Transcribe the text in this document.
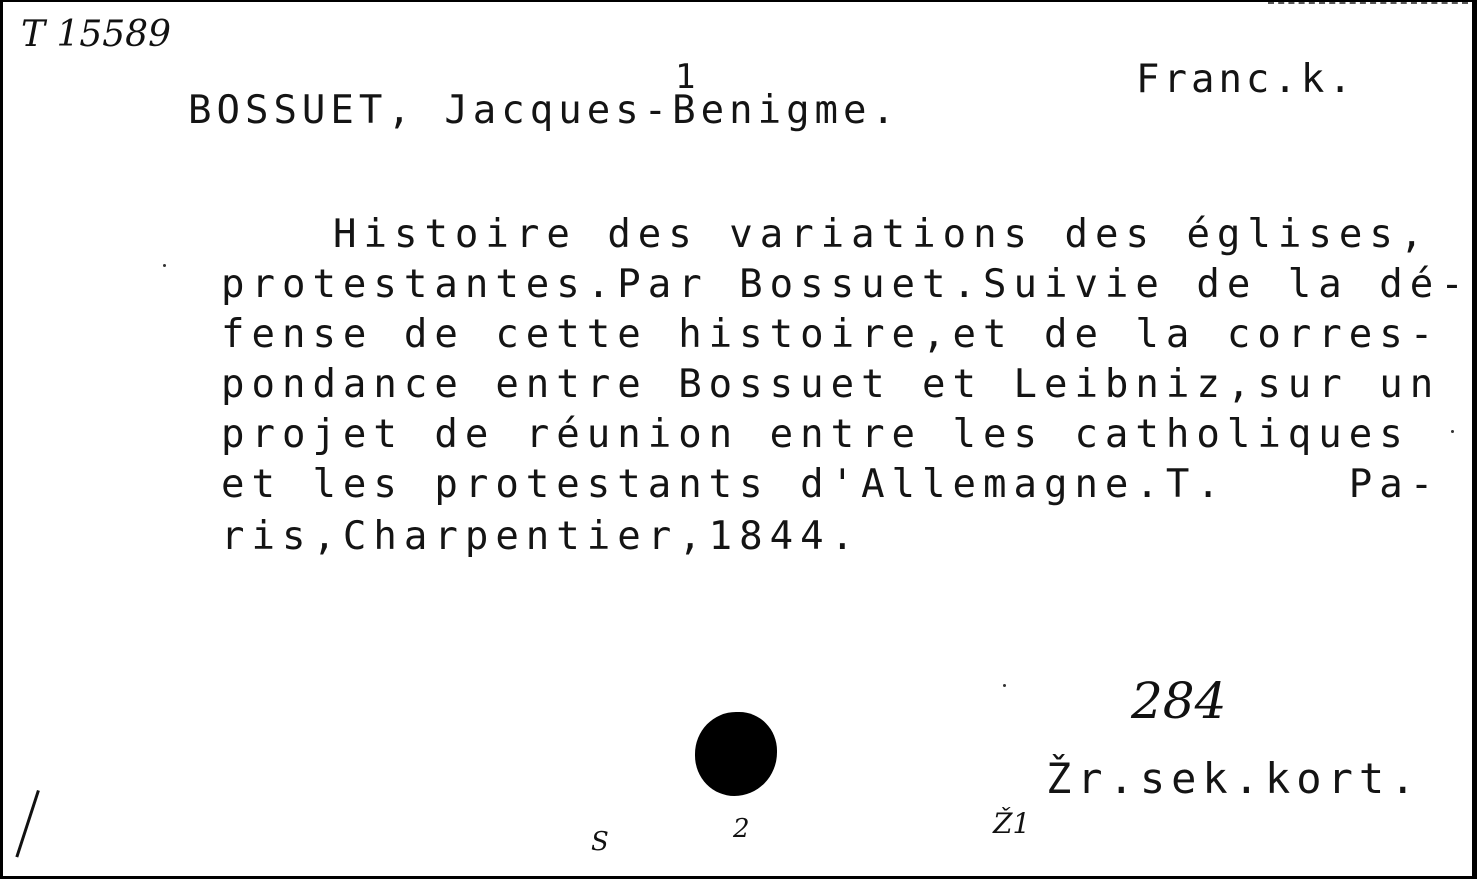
T 15589
1
BOSSUET, Jacques-Benigme.
Franc.k.
Histoire des variations des églises,
protestantes.Par Bossuet.Suivie de la dé-
fense de cette histoire,et de la corres-
pondance entre Bossuet et Leibniz,sur un
projet de réunion entre les catholiques
et les protestants d'Allemagne.T.    Pa-
ris,Charpentier,1844.
284
Žr.sek.kort.
S	2	Ž1
